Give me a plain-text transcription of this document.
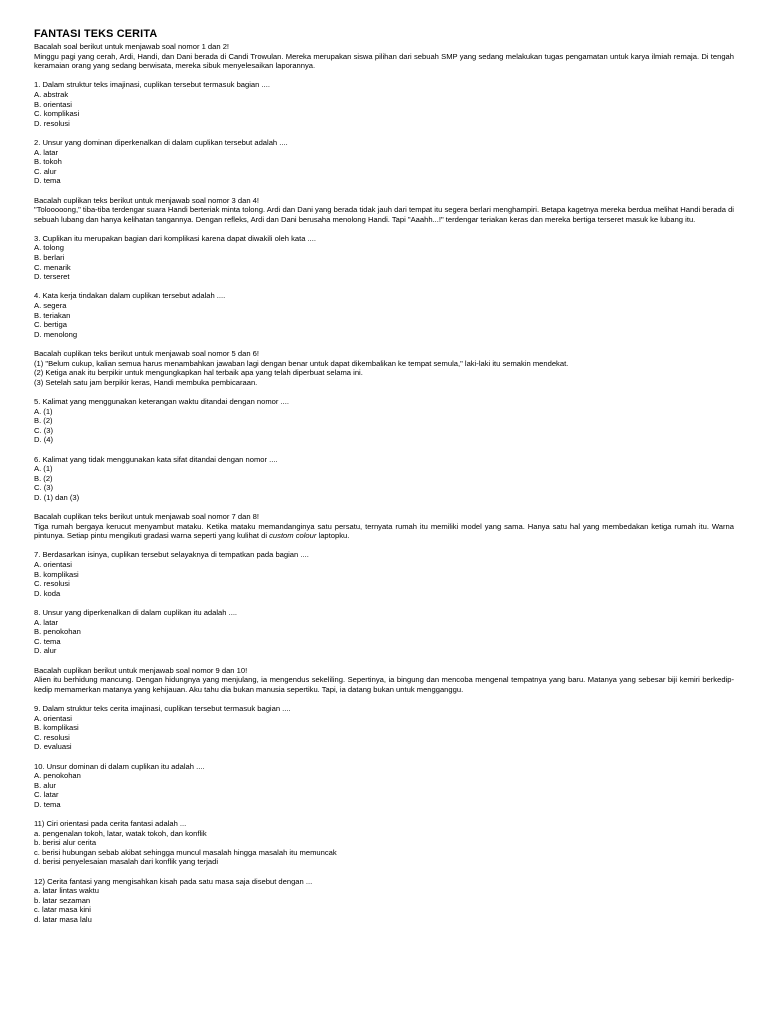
FANTASI TEKS CERITA
Bacalah soal berikut untuk menjawab soal nomor 1 dan 2!
Minggu pagi yang cerah, Ardi, Handi, dan Dani berada di Candi Trowulan. Mereka merupakan siswa pilihan dari sebuah SMP yang sedang melakukan tugas pengamatan untuk karya ilmiah remaja. Di tengah keramaian orang yang sedang berwisata, mereka sibuk menyelesaikan laporannya.
1. Dalam struktur teks imajinasi, cuplikan tersebut termasuk bagian ....
A. abstrak
B. orientasi
C. komplikasi
D. resolusi
2. Unsur yang dominan diperkenalkan di dalam cuplikan tersebut adalah ....
A. latar
B. tokoh
C. alur
D. tema
Bacalah cuplikan teks berikut untuk menjawab soal nomor 3 dan 4!
"Tolooooong," tiba-tiba terdengar suara Handi berteriak minta tolong. Ardi dan Dani yang berada tidak jauh dari tempat itu segera berlari menghampiri. Betapa kagetnya mereka berdua melihat Handi berada di sebuah lubang dan hanya kelihatan tangannya. Dengan refleks, Ardi dan Dani berusaha menolong Handi. Tapi "Aaahh...!" terdengar teriakan keras dan mereka bertiga terseret masuk ke lubang itu.
3. Cuplikan itu merupakan bagian dari komplikasi karena dapat diwakili oleh kata ....
A. tolong
B. berlari
C. menarik
D. terseret
4. Kata kerja tindakan dalam cuplikan tersebut adalah ....
A. segera
B. teriakan
C. bertiga
D. menolong
Bacalah cuplikan teks berikut untuk menjawab soal nomor 5 dan 6!
(1) "Belum cukup, kalian semua harus menambahkan jawaban lagi dengan benar untuk dapat dikembalikan ke tempat semula," laki-laki itu semakin mendekat.
(2) Ketiga anak itu berpikir untuk mengungkapkan hal terbaik apa yang telah diperbuat selama ini.
(3) Setelah satu jam berpikir keras, Handi membuka pembicaraan.
5. Kalimat yang menggunakan keterangan waktu ditandai dengan nomor ....
A. (1)
B. (2)
C. (3)
D. (4)
6. Kalimat yang tidak menggunakan kata sifat ditandai dengan nomor ....
A. (1)
B. (2)
C. (3)
D. (1) dan (3)
Bacalah cuplikan teks berikut untuk menjawab soal nomor 7 dan 8!
Tiga rumah bergaya kerucut menyambut mataku. Ketika mataku memandanginya satu persatu, ternyata rumah itu memiliki model yang sama. Hanya satu hal yang membedakan ketiga rumah itu. Warna pintunya. Setiap pintu mengikuti gradasi warna seperti yang kulihat di custom colour laptopku.
7. Berdasarkan isinya, cuplikan tersebut selayaknya di tempatkan pada bagian ....
A. orientasi
B. komplikasi
C. resolusi
D. koda
8. Unsur yang diperkenalkan di dalam cuplikan itu adalah ....
A. latar
B. penokohan
C. tema
D. alur
Bacalah cuplikan berikut untuk menjawab soal nomor 9 dan 10!
Alien itu berhidung mancung. Dengan hidungnya yang menjulang, ia mengendus sekeliling. Sepertinya, ia bingung dan mencoba mengenal tempatnya yang baru. Matanya yang sebesar biji kemiri berkedip-kedip memamerkan matanya yang kehijauan. Aku tahu dia bukan manusia sepertiku. Tapi, ia datang bukan untuk mengganggu.
9. Dalam struktur teks cerita imajinasi, cuplikan tersebut termasuk bagian ....
A. orientasi
B. komplikasi
C. resolusi
D. evaluasi
10. Unsur dominan di dalam cuplikan itu adalah ....
A. penokohan
B. alur
C. latar
D. tema
11) Ciri orientasi pada cerita fantasi adalah ...
a. pengenalan tokoh, latar, watak tokoh, dan konflik
b. berisi alur cerita
c. berisi hubungan sebab akibat sehingga muncul masalah hingga masalah itu memuncak
d. berisi penyelesaian masalah dari konflik yang terjadi
12) Cerita fantasi yang mengisahkan kisah pada satu masa saja disebut dengan ...
a. latar lintas waktu
b. latar sezaman
c. latar masa kini
d. latar masa lalu
